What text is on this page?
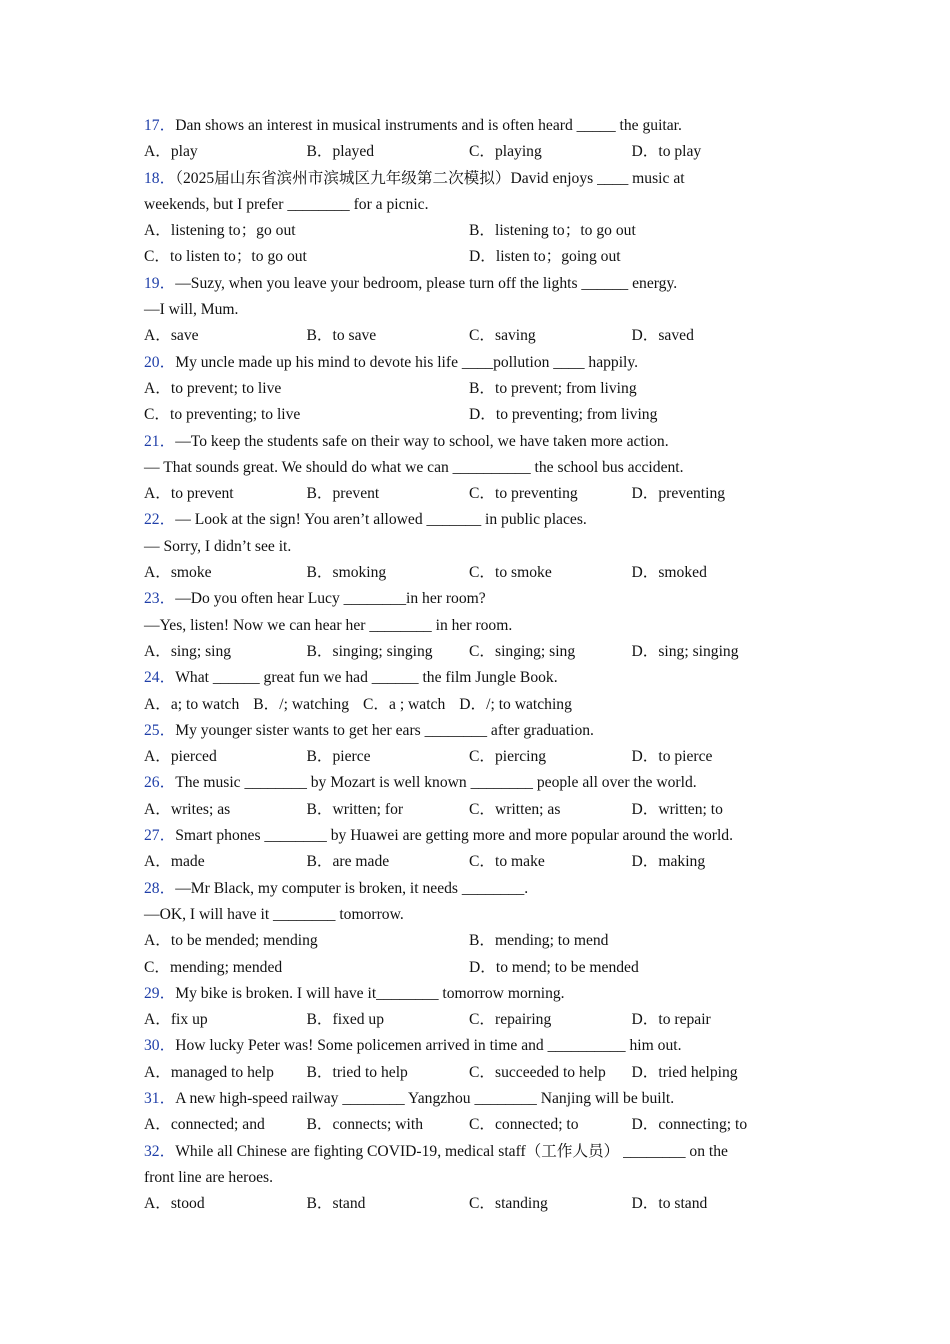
17．Dan shows an interest in musical instruments and is often heard _____ the guitar.
A．play	B．played	C．playing	D．to play
18．（2025届山东省滨州市滨城区九年级第二次模拟）David enjoys ____ music at
weekends, but I prefer ________ for a picnic.
A．listening to；go out	B．listening to；to go out
C．to listen to；to go out	D．listen to；going out
19．—Suzy, when you leave your bedroom, please turn off the lights ______ energy.
—I will, Mum.
A．save	B．to save	C．saving	D．saved
20．My uncle made up his mind to devote his life ____pollution ____ happily.
A．to prevent; to live	B．to prevent; from living
C．to preventing; to live	D．to preventing; from living
21．—To keep the students safe on their way to school, we have taken more action.
— That sounds great. We should do what we can __________ the school bus accident.
A．to prevent	B．prevent	C．to preventing	D．preventing
22．— Look at the sign! You aren’t allowed _______ in public places.
— Sorry, I didn’t see it.
A．smoke	B．smoking	C．to smoke	D．smoked
23．—Do you often hear Lucy ________in her room?
—Yes, listen! Now we can hear her ________ in her room.
A．sing; sing	B．singing; singing	C．singing; sing	D．sing; singing
24．What ______ great fun we had ______ the film Jungle Book.
A．a; to watch B．/; watching C．a ; watch D．/; to watching
25．My younger sister wants to get her ears ________ after graduation.
A．pierced	B．pierce	C．piercing	D．to pierce
26．The music ________ by Mozart is well known ________ people all over the world.
A．writes; as	B．written; for	C．written; as	D．written; to
27．Smart phones ________ by Huawei are getting more and more popular around the world.
A．made	B．are made	C．to make	D．making
28．—Mr Black, my computer is broken, it needs ________.
—OK, I will have it ________ tomorrow.
A．to be mended; mending	B．mending; to mend
C．mending; mended	D．to mend; to be mended
29．My bike is broken. I will have it________ tomorrow morning.
A．fix up	B．fixed up	C．repairing	D．to repair
30．How lucky Peter was! Some policemen arrived in time and __________ him out.
A．managed to help	B．tried to help	C．succeeded to help	D．tried helping
31．A new high-speed railway ________ Yangzhou ________ Nanjing will be built.
A．connected; and	B．connects; with	C．connected; to	D．connecting; to
32．While all Chinese are fighting COVID-19, medical staff（工作人员） ________ on the
front line are heroes.
A．stood	B．stand	C．standing	D．to stand
